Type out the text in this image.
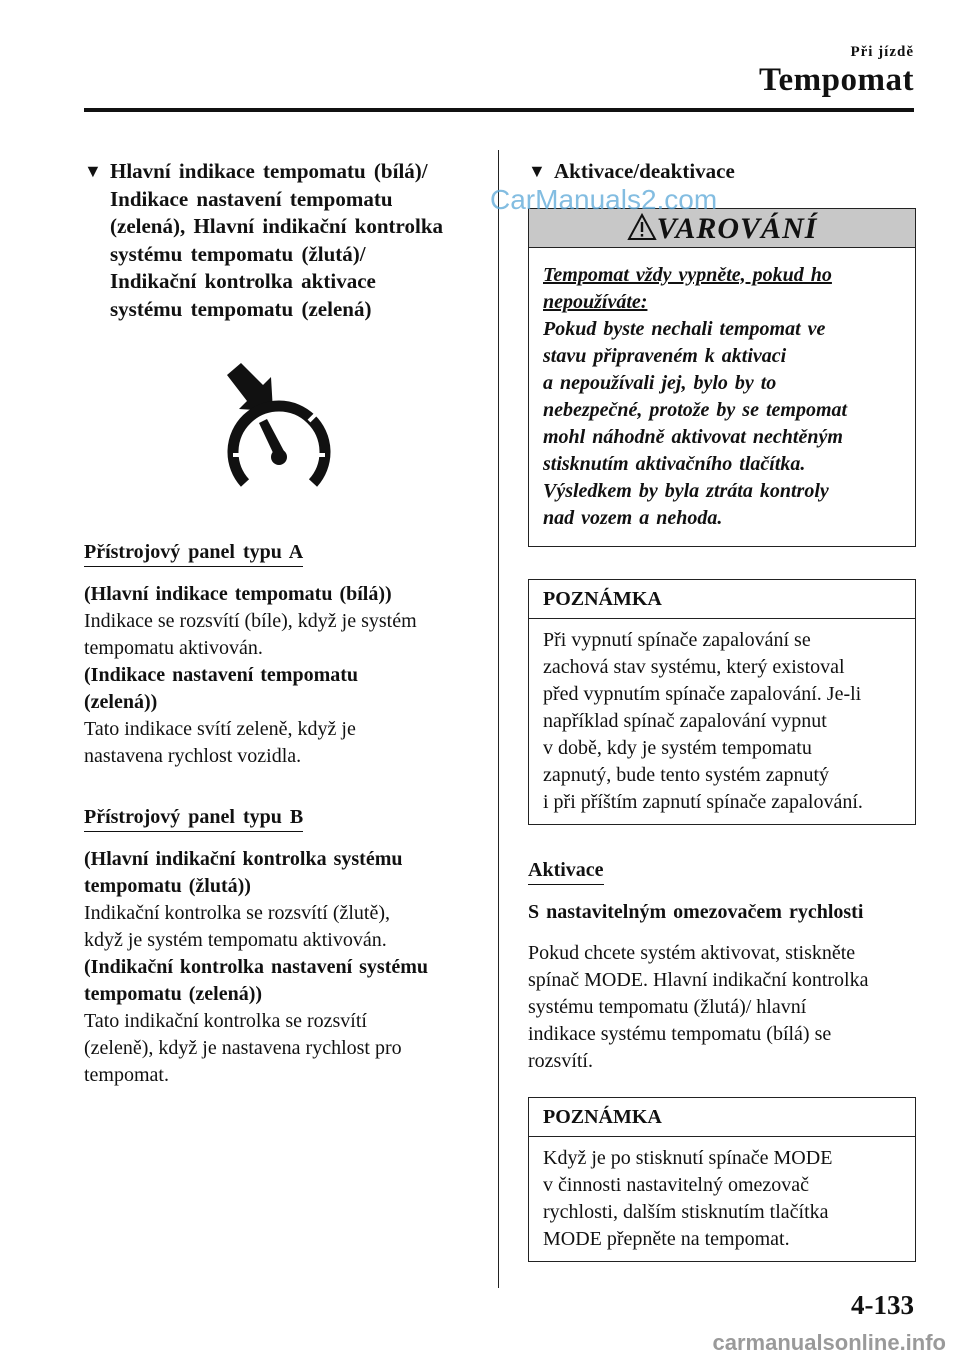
Při jízdě
Tempomat
▼ Hlavní indikace tempomatu (bílá)/
Indikace nastavení tempomatu
(zelená), Hlavní indikační kontrolka
systému tempomatu (žlutá)/
Indikační kontrolka aktivace
systému tempomatu (zelená)
Přístrojový panel typu A
(Hlavní indikace tempomatu (bílá))
Indikace se rozsvítí (bíle), když je systém
tempomatu aktivován.
(Indikace nastavení tempomatu
(zelená))
Tato indikace svítí zeleně, když je
nastavena rychlost vozidla.
Přístrojový panel typu B
(Hlavní indikační kontrolka systému
tempomatu (žlutá))
Indikační kontrolka se rozsvítí (žlutě),
když je systém tempomatu aktivován.
(Indikační kontrolka nastavení systému
tempomatu (zelená))
Tato indikační kontrolka se rozsvítí
(zeleně), když je nastavena rychlost pro
tempomat.
▼ Aktivace/deaktivace
VAROVÁNÍ
Tempomat vždy vypněte, pokud ho
nepoužíváte:
Pokud byste nechali tempomat ve
stavu připraveném k aktivaci
a nepoužívali jej, bylo by to
nebezpečné, protože by se tempomat
mohl náhodně aktivovat nechtěným
stisknutím aktivačního tlačítka.
Výsledkem by byla ztráta kontroly
nad vozem a nehoda.
POZNÁMKA
Při vypnutí spínače zapalování se
zachová stav systému, který existoval
před vypnutím spínače zapalování. Je-li
například spínač zapalování vypnut
v době, kdy je systém tempomatu
zapnutý, bude tento systém zapnutý
i při příštím zapnutí spínače zapalování.
Aktivace
S nastavitelným omezovačem rychlosti
Pokud chcete systém aktivovat, stiskněte
spínač MODE. Hlavní indikační kontrolka
systému tempomatu (žlutá)/ hlavní
indikace systému tempomatu (bílá) se
rozsvítí.
POZNÁMKA
Když je po stisknutí spínače MODE
v činnosti nastavitelný omezovač
rychlosti, dalším stisknutím tlačítka
MODE přepněte na tempomat.
CarManuals2.com
4-133
carmanualsonline.info
